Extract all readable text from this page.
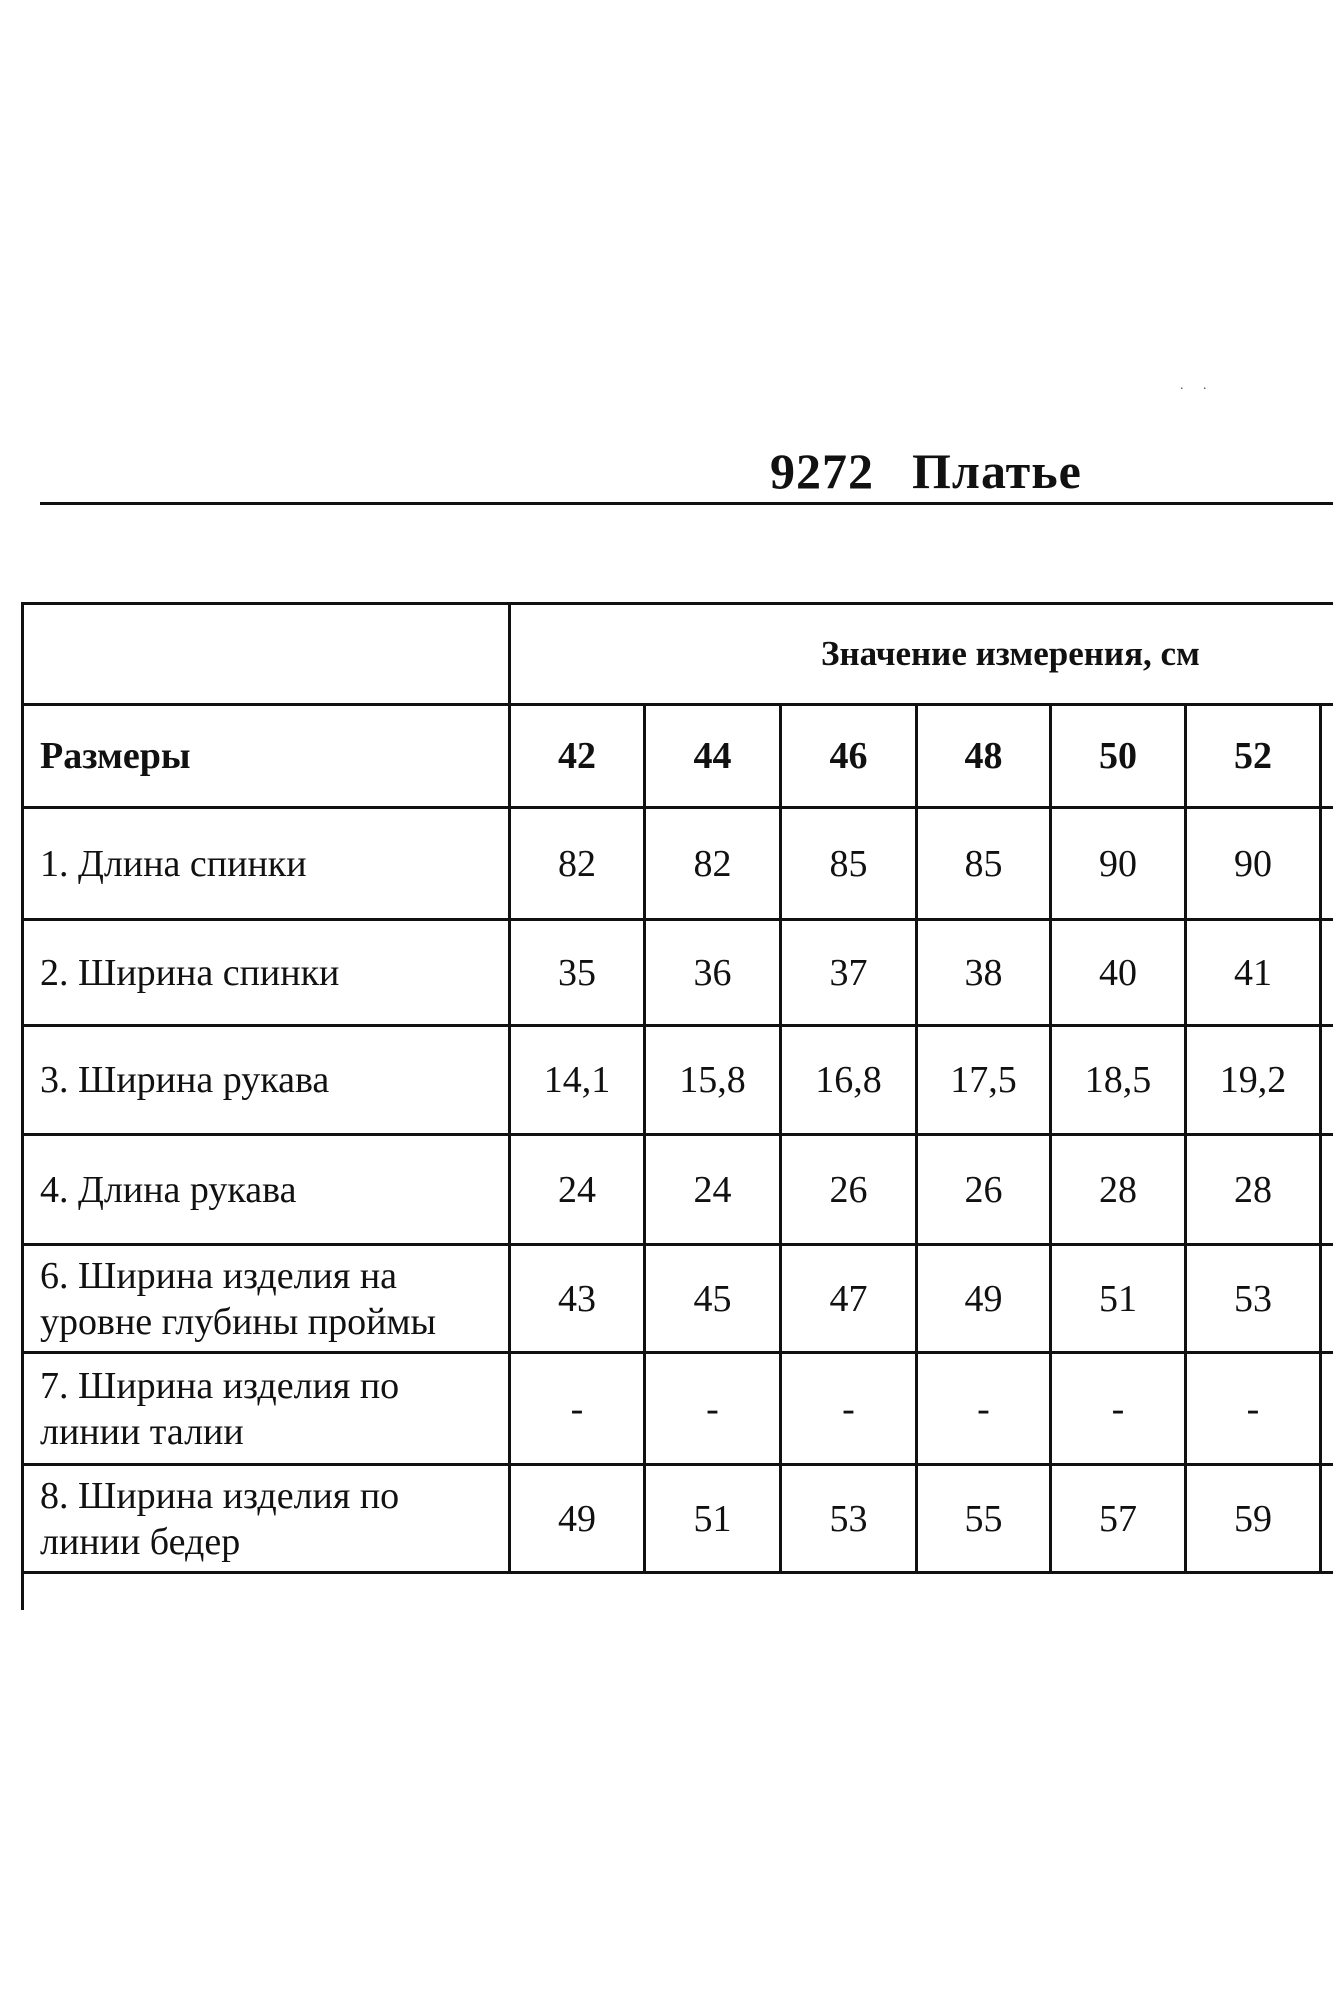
. .
9272 Платье
	Значение измерения, см						
Размеры	42	44	46	48	50	52	
1. Длина спинки	82	82	85	85	90	90	
2. Ширина спинки	35	36	37	38	40	41	
3. Ширина рукава	14,1	15,8	16,8	17,5	18,5	19,2	
4. Длина рукава	24	24	26	26	28	28	
6. Ширина изделия на уровне глубины проймы	43	45	47	49	51	53	
7. Ширина изделия по линии талии	-	-	-	-	-	-	
8. Ширина изделия по линии бедер	49	51	53	55	57	59	
